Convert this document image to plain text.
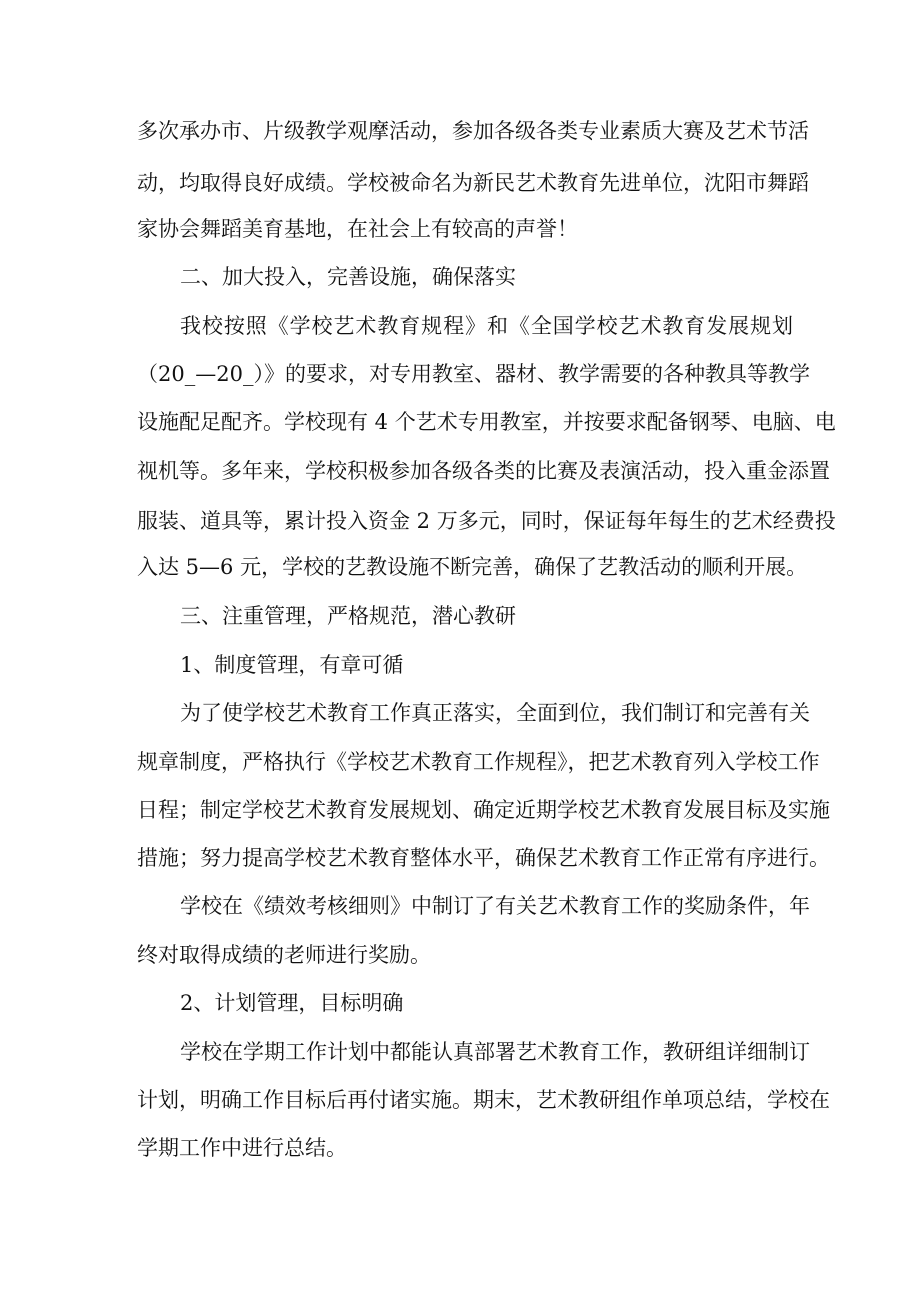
多次承办市、片级教学观摩活动，参加各级各类专业素质大赛及艺术节活
动，均取得良好成绩。学校被命名为新民艺术教育先进单位，沈阳市舞蹈
家协会舞蹈美育基地，在社会上有较高的声誉！
二、加大投入，完善设施，确保落实
我校按照《学校艺术教育规程》和《全国学校艺术教育发展规划
（20_—20_）》的要求，对专用教室、器材、教学需要的各种教具等教学
设施配足配齐。学校现有 4 个艺术专用教室，并按要求配备钢琴、电脑、电
视机等。多年来，学校积极参加各级各类的比赛及表演活动，投入重金添置
服装、道具等，累计投入资金 2 万多元，同时，保证每年每生的艺术经费投
入达 5—6 元，学校的艺教设施不断完善，确保了艺教活动的顺利开展。
三、注重管理，严格规范，潜心教研
1、制度管理，有章可循
为了使学校艺术教育工作真正落实，全面到位，我们制订和完善有关
规章制度，严格执行《学校艺术教育工作规程》，把艺术教育列入学校工作
日程；制定学校艺术教育发展规划、确定近期学校艺术教育发展目标及实施
措施；努力提高学校艺术教育整体水平，确保艺术教育工作正常有序进行。
学校在《绩效考核细则》中制订了有关艺术教育工作的奖励条件，年
终对取得成绩的老师进行奖励。
2、计划管理，目标明确
学校在学期工作计划中都能认真部署艺术教育工作，教研组详细制订
计划，明确工作目标后再付诸实施。期末，艺术教研组作单项总结，学校在
学期工作中进行总结。
